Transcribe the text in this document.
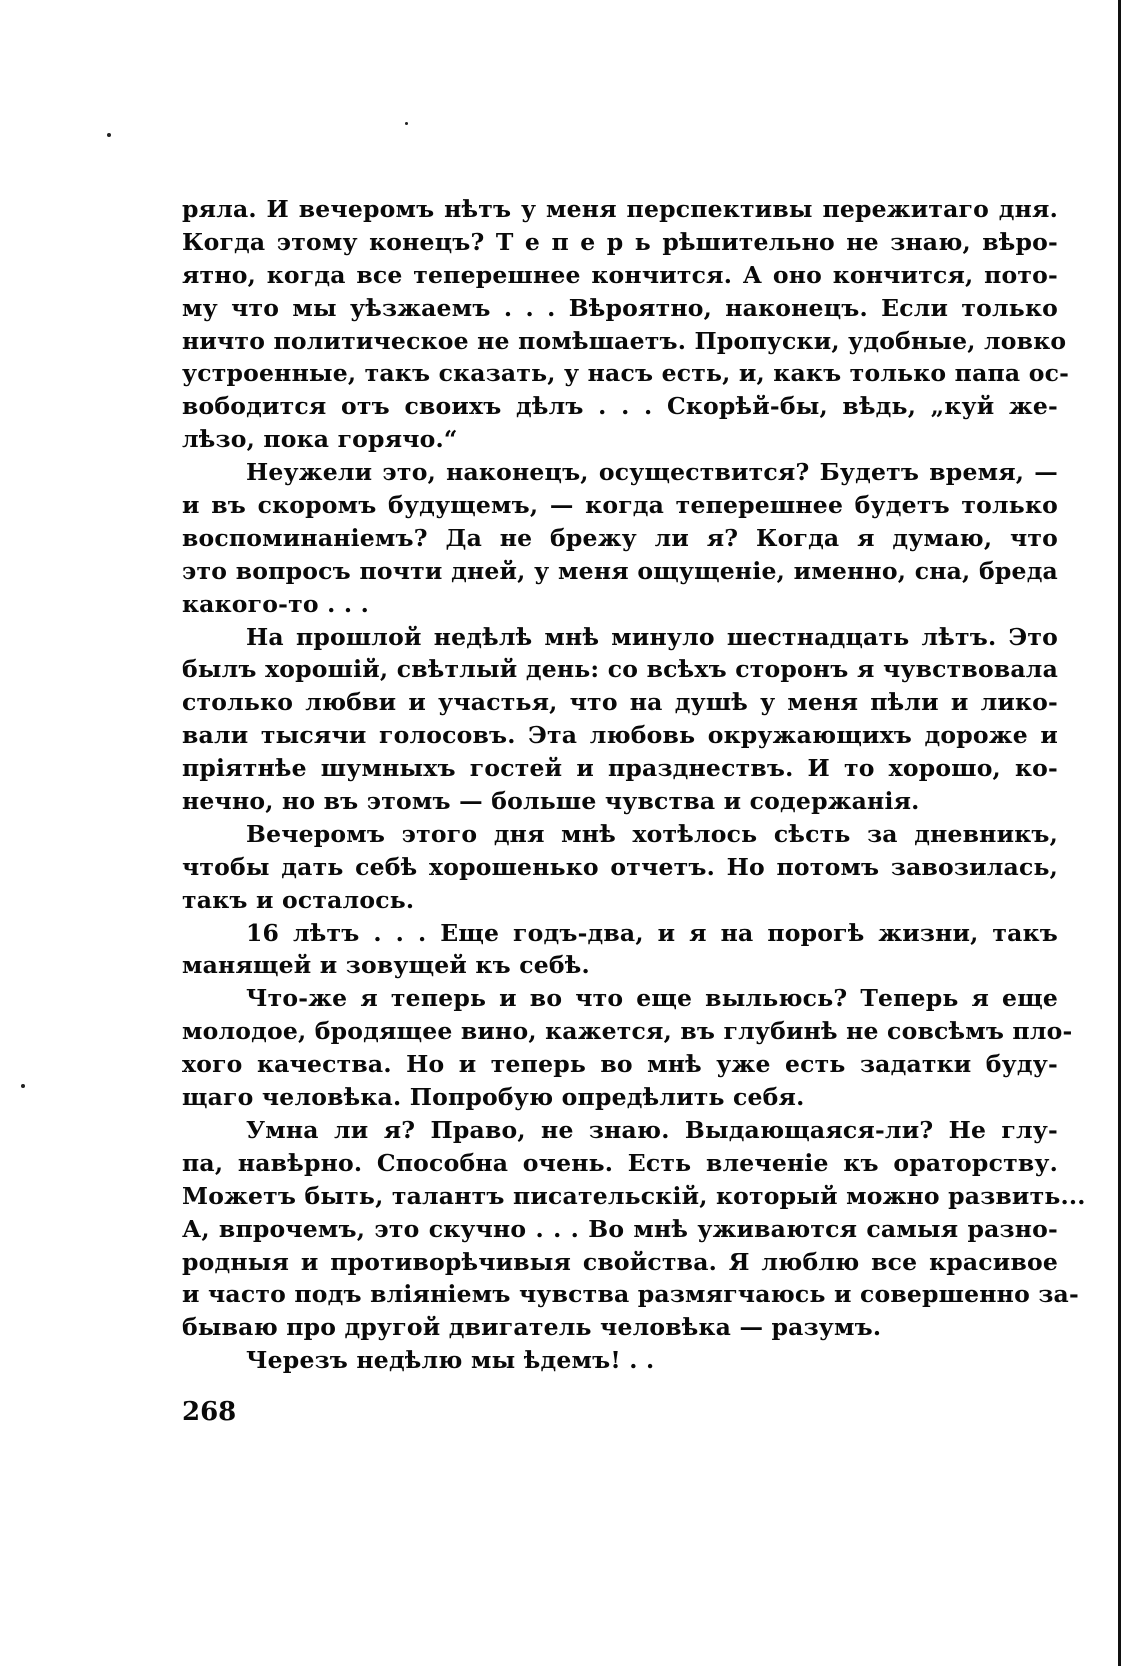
ряла. И вечеромъ нѣтъ у меня перспективы пережитаго дня.
Когда этому конецъ? Т е п е р ь рѣшительно не знаю, вѣро-
ятно, когда все теперешнее кончится. А оно кончится, пото-
му что мы уѣзжаемъ . . . Вѣроятно, наконецъ. Если только
ничто политическое не помѣшаетъ. Пропуски, удобные, ловко
устроенные, такъ сказать, у насъ есть, и, какъ только папа ос-
вободится отъ своихъ дѣлъ . . . Скорѣй-бы, вѣдь, „куй же-
лѣзо, пока горячо.“
Неужели это, наконецъ, осуществится? Будетъ время, —
и въ скоромъ будущемъ, — когда теперешнее будетъ только
воспоминаніемъ? Да не брежу ли я? Когда я думаю, что
это вопросъ почти дней, у меня ощущеніе, именно, сна, бреда
какого-то . . .
На прошлой недѣлѣ мнѣ минуло шестнадцать лѣтъ. Это
былъ хорошій, свѣтлый день: со всѣхъ сторонъ я чувствовала
столько любви и участья, что на душѣ у меня пѣли и лико-
вали тысячи голосовъ. Эта любовь окружающихъ дороже и
пріятнѣе шумныхъ гостей и празднествъ. И то хорошо, ко-
нечно, но въ этомъ — больше чувства и содержанія.
Вечеромъ этого дня мнѣ хотѣлось сѣсть за дневникъ,
чтобы дать себѣ хорошенько отчетъ. Но потомъ завозилась,
такъ и осталось.
16 лѣтъ . . . Еще годъ-два, и я на порогѣ жизни, такъ
манящей и зовущей къ себѣ.
Что-же я теперь и во что еще выльюсь? Теперь я еще
молодое, бродящее вино, кажется, въ глубинѣ не совсѣмъ пло-
хого качества. Но и теперь во мнѣ уже есть задатки буду-
щаго человѣка. Попробую опредѣлить себя.
Умна ли я? Право, не знаю. Выдающаяся-ли? Не глу-
па, навѣрно. Способна очень. Есть влеченіе къ ораторству.
Можетъ быть, талантъ писательскій, который можно развить...
А, впрочемъ, это скучно . . . Во мнѣ уживаются самыя разно-
родныя и противорѣчивыя свойства. Я люблю все красивое
и часто подъ вліяніемъ чувства размягчаюсь и совершенно за-
бываю про другой двигатель человѣка — разумъ.
Черезъ недѣлю мы ѣдемъ! . .
268
